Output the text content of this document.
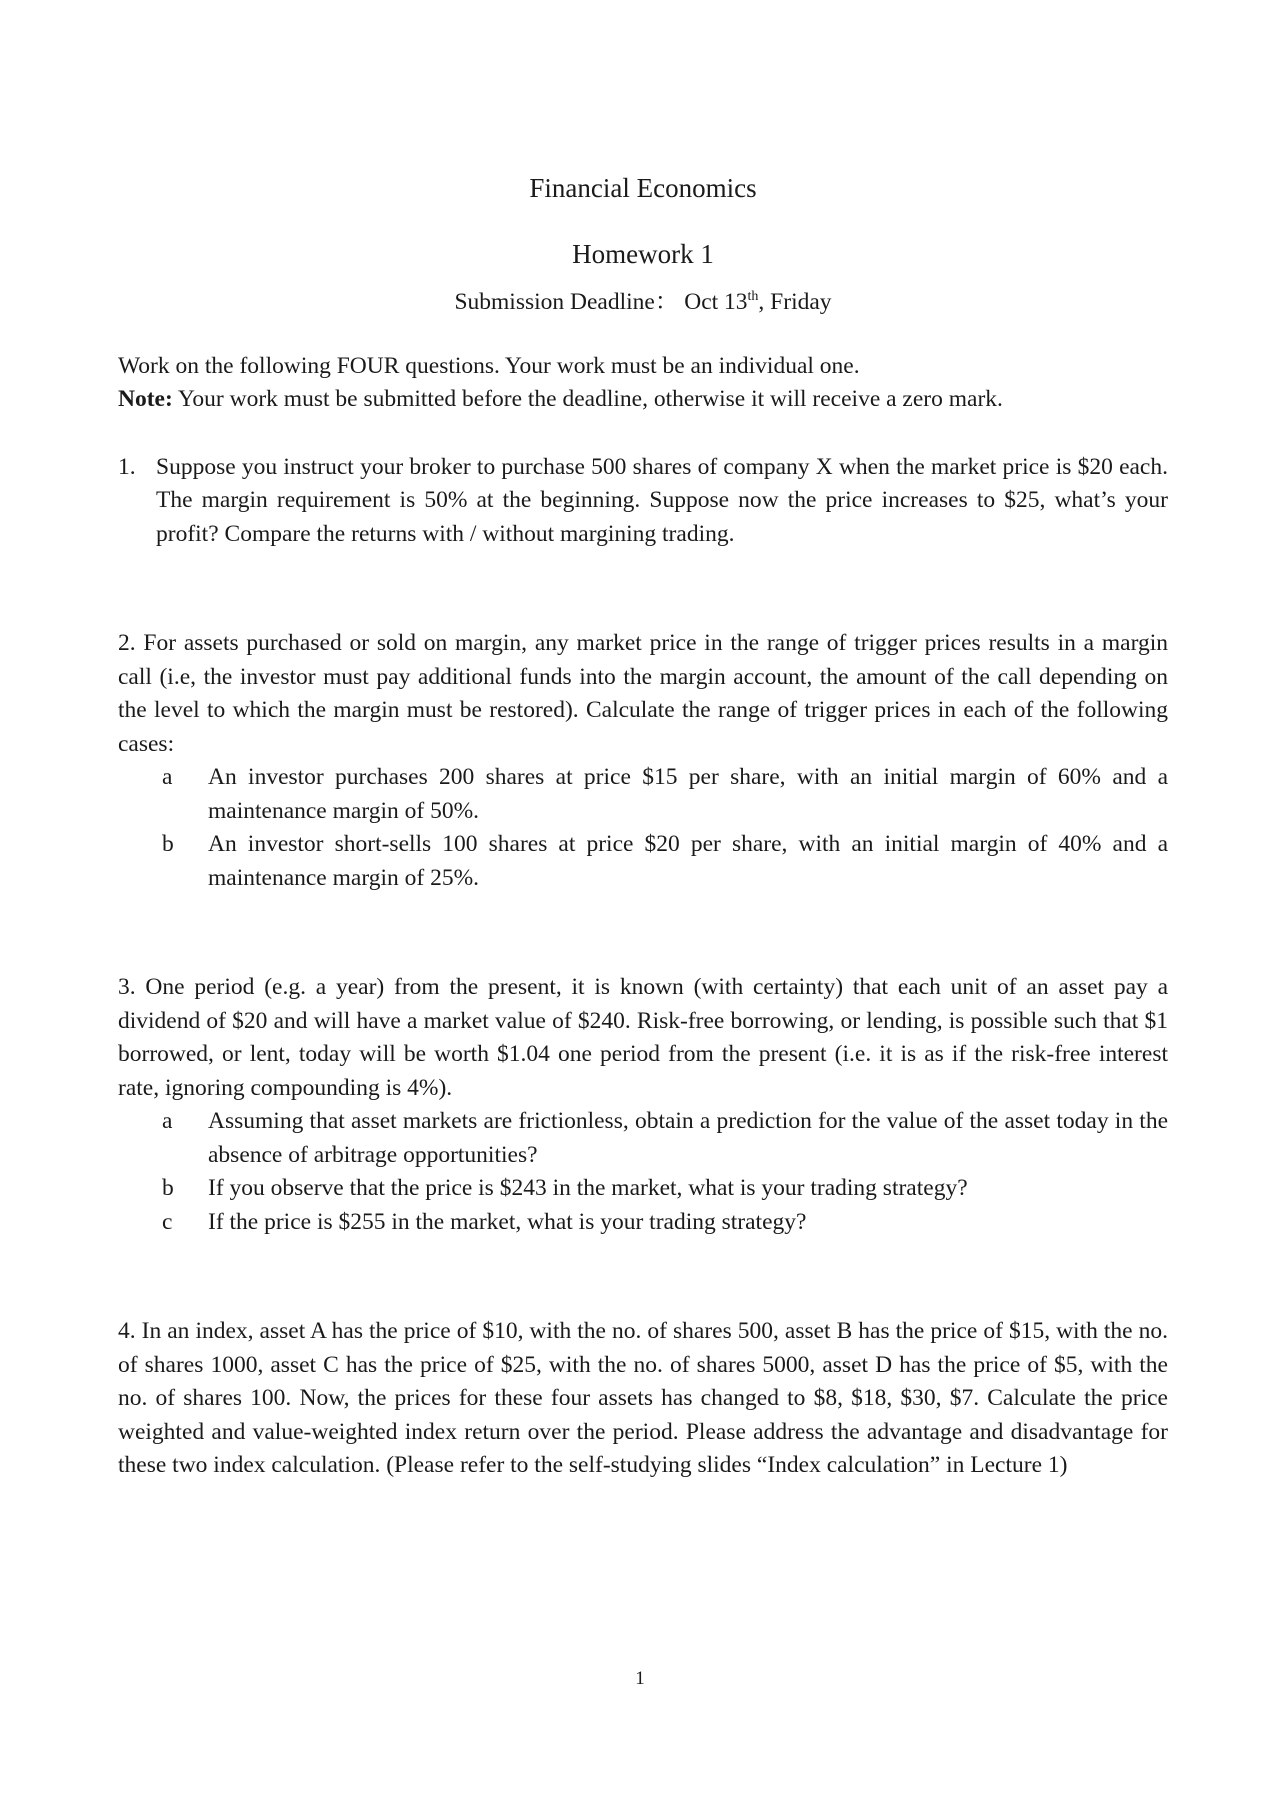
Financial Economics

Homework 1

Submission Deadline： Oct 13th, Friday

Work on the following FOUR questions. Your work must be an individual one.

Note: Your work must be submitted before the deadline, otherwise it will receive a zero mark.

1. Suppose you instruct your broker to purchase 500 shares of company X when the market price is $20 each. The margin requirement is 50% at the beginning. Suppose now the price increases to $25, what’s your profit? Compare the returns with / without margining trading.

2. For assets purchased or sold on margin, any market price in the range of trigger prices results in a margin call (i.e, the investor must pay additional funds into the margin account, the amount of the call depending on the level to which the margin must be restored). Calculate the range of trigger prices in each of the following cases:

a	An investor purchases 200 shares at price $15 per share, with an initial margin of 60% and a maintenance margin of 50%.
b	An investor short-sells 100 shares at price $20 per share, with an initial margin of 40% and a maintenance margin of 25%.

3. One period (e.g. a year) from the present, it is known (with certainty) that each unit of an asset pay a dividend of $20 and will have a market value of $240. Risk-free borrowing, or lending, is possible such that $1 borrowed, or lent, today will be worth $1.04 one period from the present (i.e. it is as if the risk-free interest rate, ignoring compounding is 4%).

a	Assuming that asset markets are frictionless, obtain a prediction for the value of the asset today in the absence of arbitrage opportunities?
b	If you observe that the price is $243 in the market, what is your trading strategy?
c	If the price is $255 in the market, what is your trading strategy?

4. In an index, asset A has the price of $10, with the no. of shares 500, asset B has the price of $15, with the no. of shares 1000, asset C has the price of $25, with the no. of shares 5000, asset D has the price of $5, with the no. of shares 100. Now, the prices for these four assets has changed to $8, $18, $30, $7. Calculate the price weighted and value-weighted index return over the period. Please address the advantage and disadvantage for these two index calculation. (Please refer to the self-studying slides “Index calculation” in Lecture 1)

1
